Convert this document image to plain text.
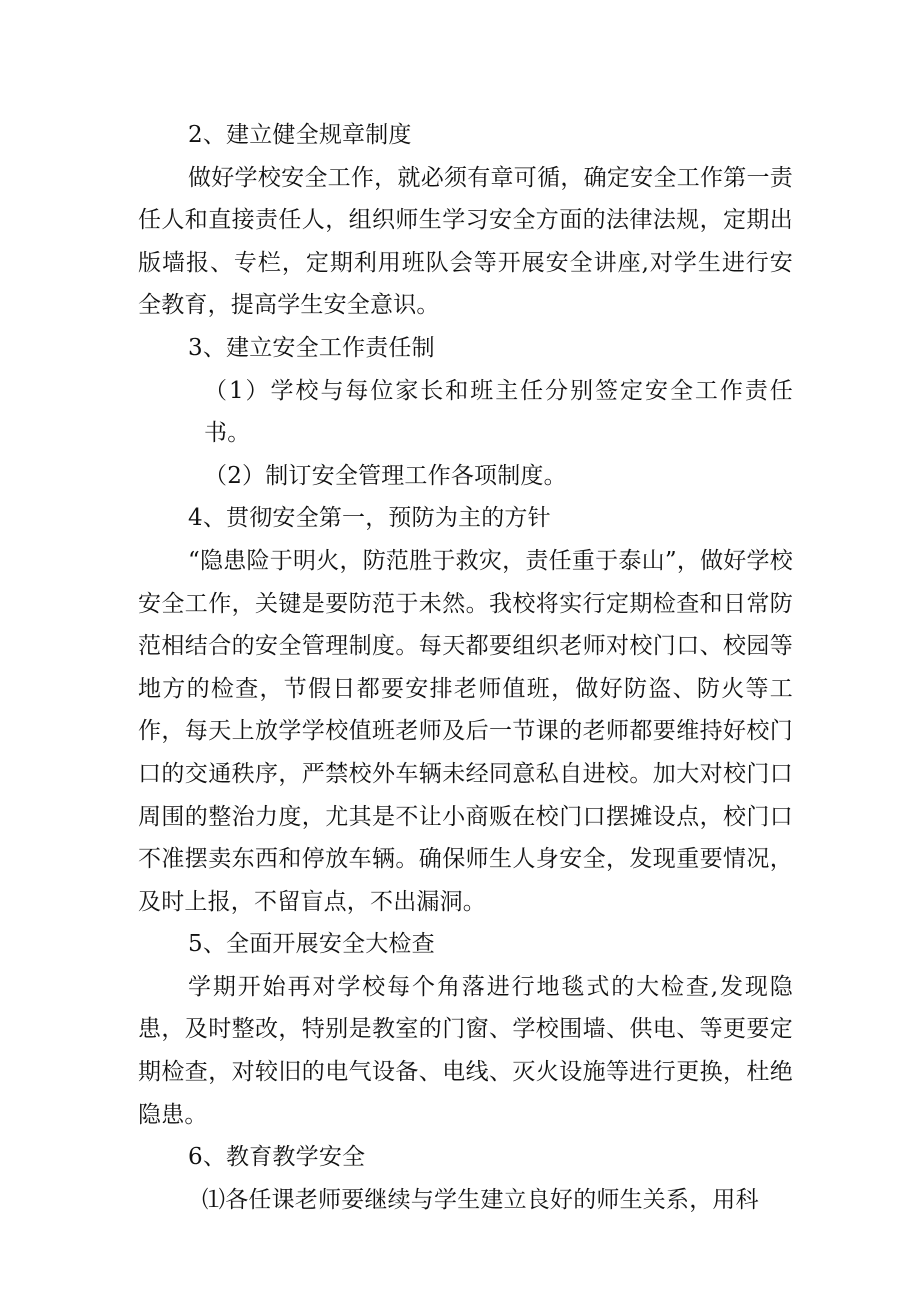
2、建立健全规章制度

做好学校安全工作，就必须有章可循，确定安全工作第一责任人和直接责任人，组织师生学习安全方面的法律法规，定期出版墙报、专栏，定期利用班队会等开展安全讲座,对学生进行安全教育，提高学生安全意识。

3、建立安全工作责任制

（1）学校与每位家长和班主任分别签定安全工作责任书。

（2）制订安全管理工作各项制度。

4、贯彻安全第一，预防为主的方针

“隐患险于明火，防范胜于救灾，责任重于泰山”，做好学校安全工作，关键是要防范于未然。我校将实行定期检查和日常防范相结合的安全管理制度。每天都要组织老师对校门口、校园等地方的检查，节假日都要安排老师值班，做好防盗、防火等工作，每天上放学学校值班老师及后一节课的老师都要维持好校门口的交通秩序，严禁校外车辆未经同意私自进校。加大对校门口周围的整治力度，尤其是不让小商贩在校门口摆摊设点，校门口不准摆卖东西和停放车辆。确保师生人身安全，发现重要情况，及时上报，不留盲点，不出漏洞。

5、全面开展安全大检查

学期开始再对学校每个角落进行地毯式的大检查,发现隐患，及时整改，特别是教室的门窗、学校围墙、供电、等更要定期检查，对较旧的电气设备、电线、灭火设施等进行更换，杜绝隐患。

6、教育教学安全

⑴各任课老师要继续与学生建立良好的师生关系，用科
